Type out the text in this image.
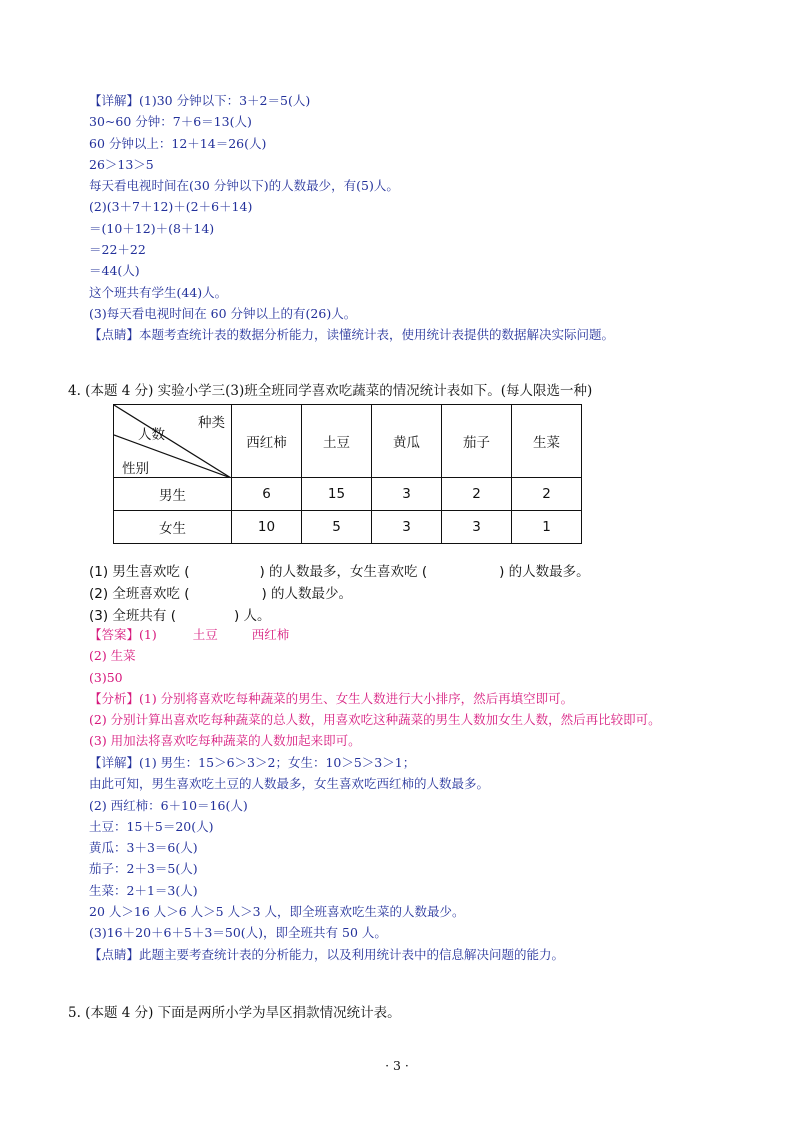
【详解】(1)30 分钟以下：3＋2＝5(人)
30~60 分钟：7＋6＝13(人)
60 分钟以上：12＋14＝26(人)
26＞13＞5
每天看电视时间在(30 分钟以下)的人数最少，有(5)人。
(2)(3＋7＋12)＋(2＋6＋14)
＝(10＋12)＋(8＋14)
＝22＋22
＝44(人)
这个班共有学生(44)人。
(3)每天看电视时间在 60 分钟以上的有(26)人。
【点睛】本题考查统计表的数据分析能力，读懂统计表，使用统计表提供的数据解决实际问题。
4. (本题 4 分) 实验小学三(3)班全班同学喜欢吃蔬菜的情况统计表如下。(每人限选一种)
种类
人数
性别	西红柿	土豆	黄瓜	茄子	生菜
男生	6	15	3	2	2
女生	10	5	3	3	1
(1) 男生喜欢吃 (	) 的人数最多，女生喜欢吃 (	) 的人数最多。
(2) 全班喜欢吃 (	) 的人数最少。
(3) 全班共有 (	) 人。
【答案】(1)	土豆	西红柿
(2) 生菜
(3)50
【分析】(1) 分别将喜欢吃每种蔬菜的男生、女生人数进行大小排序，然后再填空即可。
(2) 分别计算出喜欢吃每种蔬菜的总人数，用喜欢吃这种蔬菜的男生人数加女生人数，然后再比较即可。
(3) 用加法将喜欢吃每种蔬菜的人数加起来即可。
【详解】(1) 男生：15＞6＞3＞2；女生：10＞5＞3＞1；
由此可知，男生喜欢吃土豆的人数最多，女生喜欢吃西红柿的人数最多。
(2) 西红柿：6＋10＝16(人)
土豆：15＋5＝20(人)
黄瓜：3＋3＝6(人)
茄子：2＋3＝5(人)
生菜：2＋1＝3(人)
20 人＞16 人＞6 人＞5 人＞3 人，即全班喜欢吃生菜的人数最少。
(3)16＋20＋6＋5＋3＝50(人)，即全班共有 50 人。
【点睛】此题主要考查统计表的分析能力，以及利用统计表中的信息解决问题的能力。
5. (本题 4 分) 下面是两所小学为旱区捐款情况统计表。
· 3 ·
